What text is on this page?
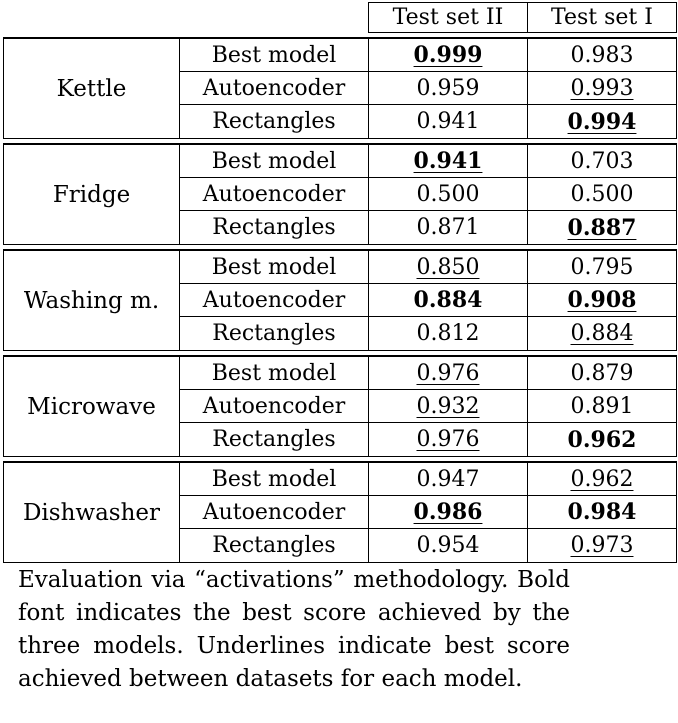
Test set II	Test set I
Kettle
Best model	0.999	0.983
Autoencoder	0.959	0.993
Rectangles	0.941	0.994
Fridge
Best model	0.941	0.703
Autoencoder	0.500	0.500
Rectangles	0.871	0.887
Washing m.
Best model	0.850	0.795
Autoencoder	0.884	0.908
Rectangles	0.812	0.884
Microwave
Best model	0.976	0.879
Autoencoder	0.932	0.891
Rectangles	0.976	0.962
Dishwasher
Best model	0.947	0.962
Autoencoder	0.986	0.984
Rectangles	0.954	0.973
Evaluation via “activations” methodology. Bold font indicates the best score achieved by the three models. Underlines indicate best score achieved between datasets for each model.
